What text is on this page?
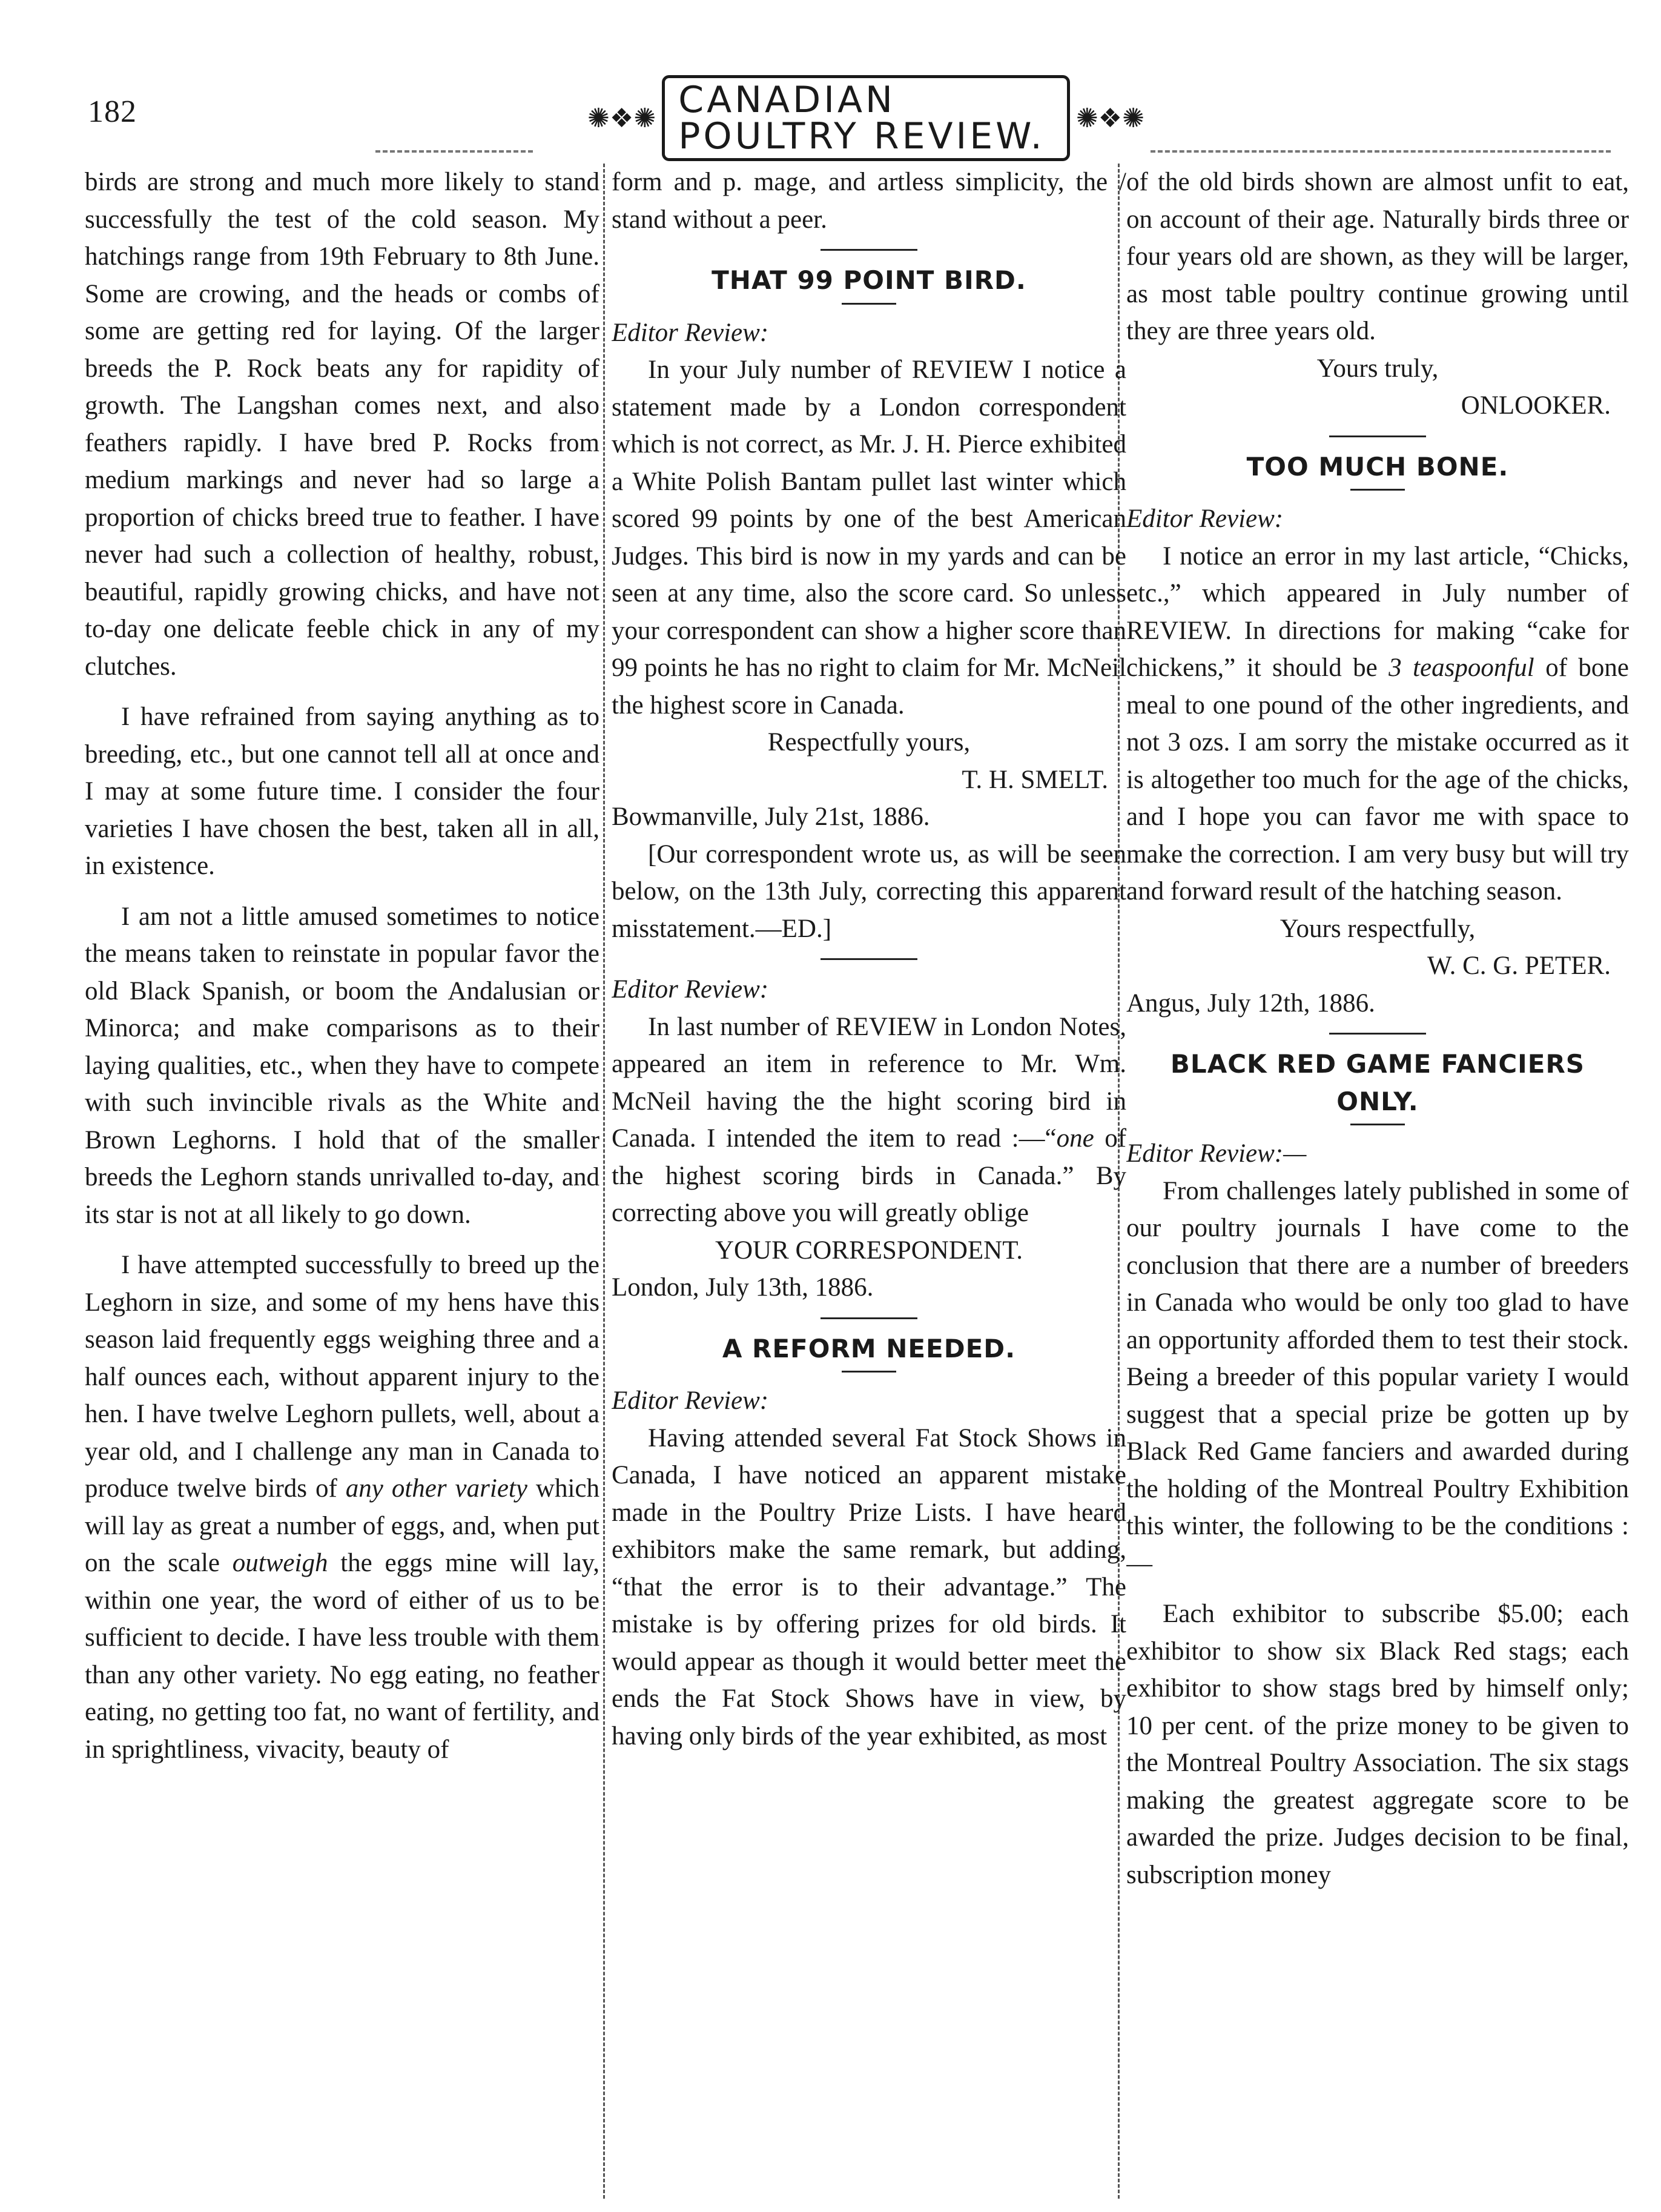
182	✺❖✺ CANADIAN POULTRY REVIEW.	✺❖✺

birds are strong and much more likely to stand successfully the test of the cold season. My hatchings range from 19th February to 8th June. Some are crowing, and the heads or combs of some are getting red for laying. Of the larger breeds the P. Rock beats any for rapidity of growth. The Langshan comes next, and also feathers rapidly. I have bred P. Rocks from medium markings and never had so large a proportion of chicks breed true to feather. I have never had such a collection of healthy, robust, beautiful, rapidly growing chicks, and have not to-day one delicate feeble chick in any of my clutches.

I have refrained from saying anything as to breeding, etc., but one cannot tell all at once and I may at some future time. I consider the four varieties I have chosen the best, taken all in all, in existence.

I am not a little amused sometimes to notice the means taken to reinstate in popular favor the old Black Spanish, or boom the Andalusian or Minorca; and make comparisons as to their laying qualities, etc., when they have to compete with such invincible rivals as the White and Brown Leghorns. I hold that of the smaller breeds the Leghorn stands unrivalled to-day, and its star is not at all likely to go down.

I have attempted successfully to breed up the Leghorn in size, and some of my hens have this season laid frequently eggs weighing three and a half ounces each, without apparent injury to the hen. I have twelve Leghorn pullets, well, about a year old, and I challenge any man in Canada to produce twelve birds of any other variety which will lay as great a number of eggs, and, when put on the scale outweigh the eggs mine will lay, within one year, the word of either of us to be sufficient to decide. I have less trouble with them than any other variety. No egg eating, no feather eating, no getting too fat, no want of fertility, and in sprightliness, vivacity, beauty of

form and p. mage, and artless simplicity, the / stand without a peer.

THAT 99 POINT BIRD.

Editor Review:

In your July number of REVIEW I notice a statement made by a London correspondent which is not correct, as Mr. J. H. Pierce exhibited a White Polish Bantam pullet last winter which scored 99 points by one of the best American Judges. This bird is now in my yards and can be seen at any time, also the score card. So unless your correspondent can show a higher score than 99 points he has no right to claim for Mr. McNeil the highest score in Canada.

Respectfully yours,

T. H. SMELT.

Bowmanville, July 21st, 1886.

[Our correspondent wrote us, as will be seen below, on the 13th July, correcting this apparent misstatement.—ED.]

Editor Review:

In last number of REVIEW in London Notes, appeared an item in reference to Mr. Wm. McNeil having the the hight scoring bird in Canada. I intended the item to read :—“one of the highest scoring birds in Canada.” By correcting above you will greatly oblige

YOUR CORRESPONDENT.

London, July 13th, 1886.

A REFORM NEEDED.

Editor Review:

Having attended several Fat Stock Shows in Canada, I have noticed an apparent mistake made in the Poultry Prize Lists. I have heard exhibitors make the same remark, but adding, “that the error is to their advantage.” The mistake is by offering prizes for old birds. It would appear as though it would better meet the ends the Fat Stock Shows have in view, by having only birds of the year exhibited, as most

of the old birds shown are almost unfit to eat, on account of their age. Naturally birds three or four years old are shown, as they will be larger, as most table poultry continue growing until they are three years old.

Yours truly,

ONLOOKER.

TOO MUCH BONE.

Editor Review:

I notice an error in my last article, “Chicks, etc.,” which appeared in July number of REVIEW. In directions for making “cake for chickens,” it should be 3 teaspoonful of bone meal to one pound of the other ingredients, and not 3 ozs. I am sorry the mistake occurred as it is altogether too much for the age of the chicks, and I hope you can favor me with space to make the correction. I am very busy but will try and forward result of the hatching season.

Yours respectfully,

W. C. G. PETER.

Angus, July 12th, 1886.

BLACK RED GAME FANCIERS ONLY.

Editor Review:—

From challenges lately published in some of our poultry journals I have come to the conclusion that there are a number of breeders in Canada who would be only too glad to have an opportunity afforded them to test their stock. Being a breeder of this popular variety I would suggest that a special prize be gotten up by Black Red Game fanciers and awarded during the holding of the Montreal Poultry Exhibition this winter, the following to be the conditions :—

Each exhibitor to subscribe $5.00; each exhibitor to show six Black Red stags; each exhibitor to show stags bred by himself only; 10 per cent. of the prize money to be given to the Montreal Poultry Association. The six stags making the greatest aggregate score to be awarded the prize. Judges decision to be final, subscription money
